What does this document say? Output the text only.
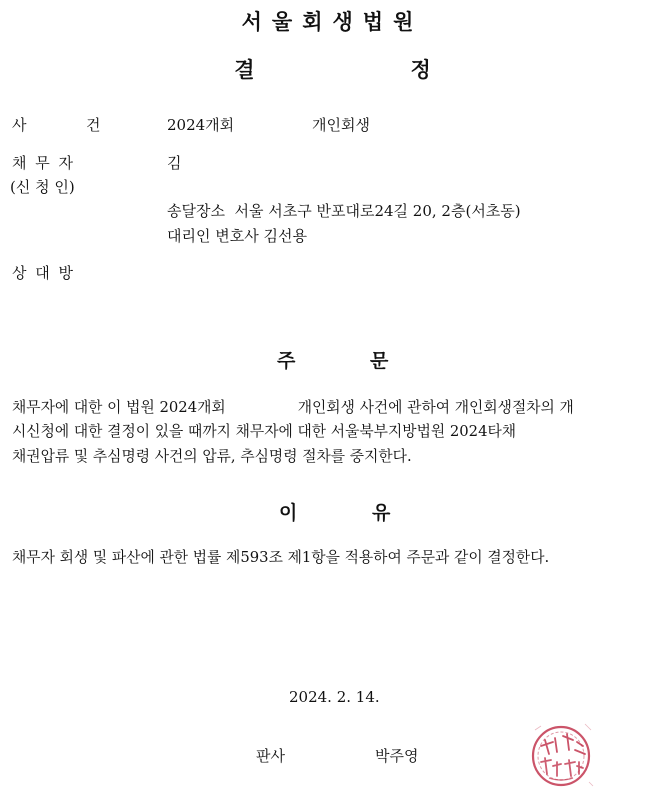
서울회생법원
결	정
사	건	2024개회	개인회생
채 무 자	김
(신 청 인)
송달장소 서울 서초구 반포대로24길 20, 2층(서초동)
대리인 변호사 김선용
상 대 방
주	문
채무자에 대한 이 법원 2024개회	개인회생 사건에 관하여 개인회생절차의 개
시신청에 대한 결정이 있을 때까지 채무자에 대한 서울북부지방법원 2024타채
채권압류 및 추심명령 사건의 압류, 추심명령 절차를 중지한다.
이	유
채무자 회생 및 파산에 관한 법률 제593조 제1항을 적용하여 주문과 같이 결정한다.
2024. 2. 14.
판사	박주영
